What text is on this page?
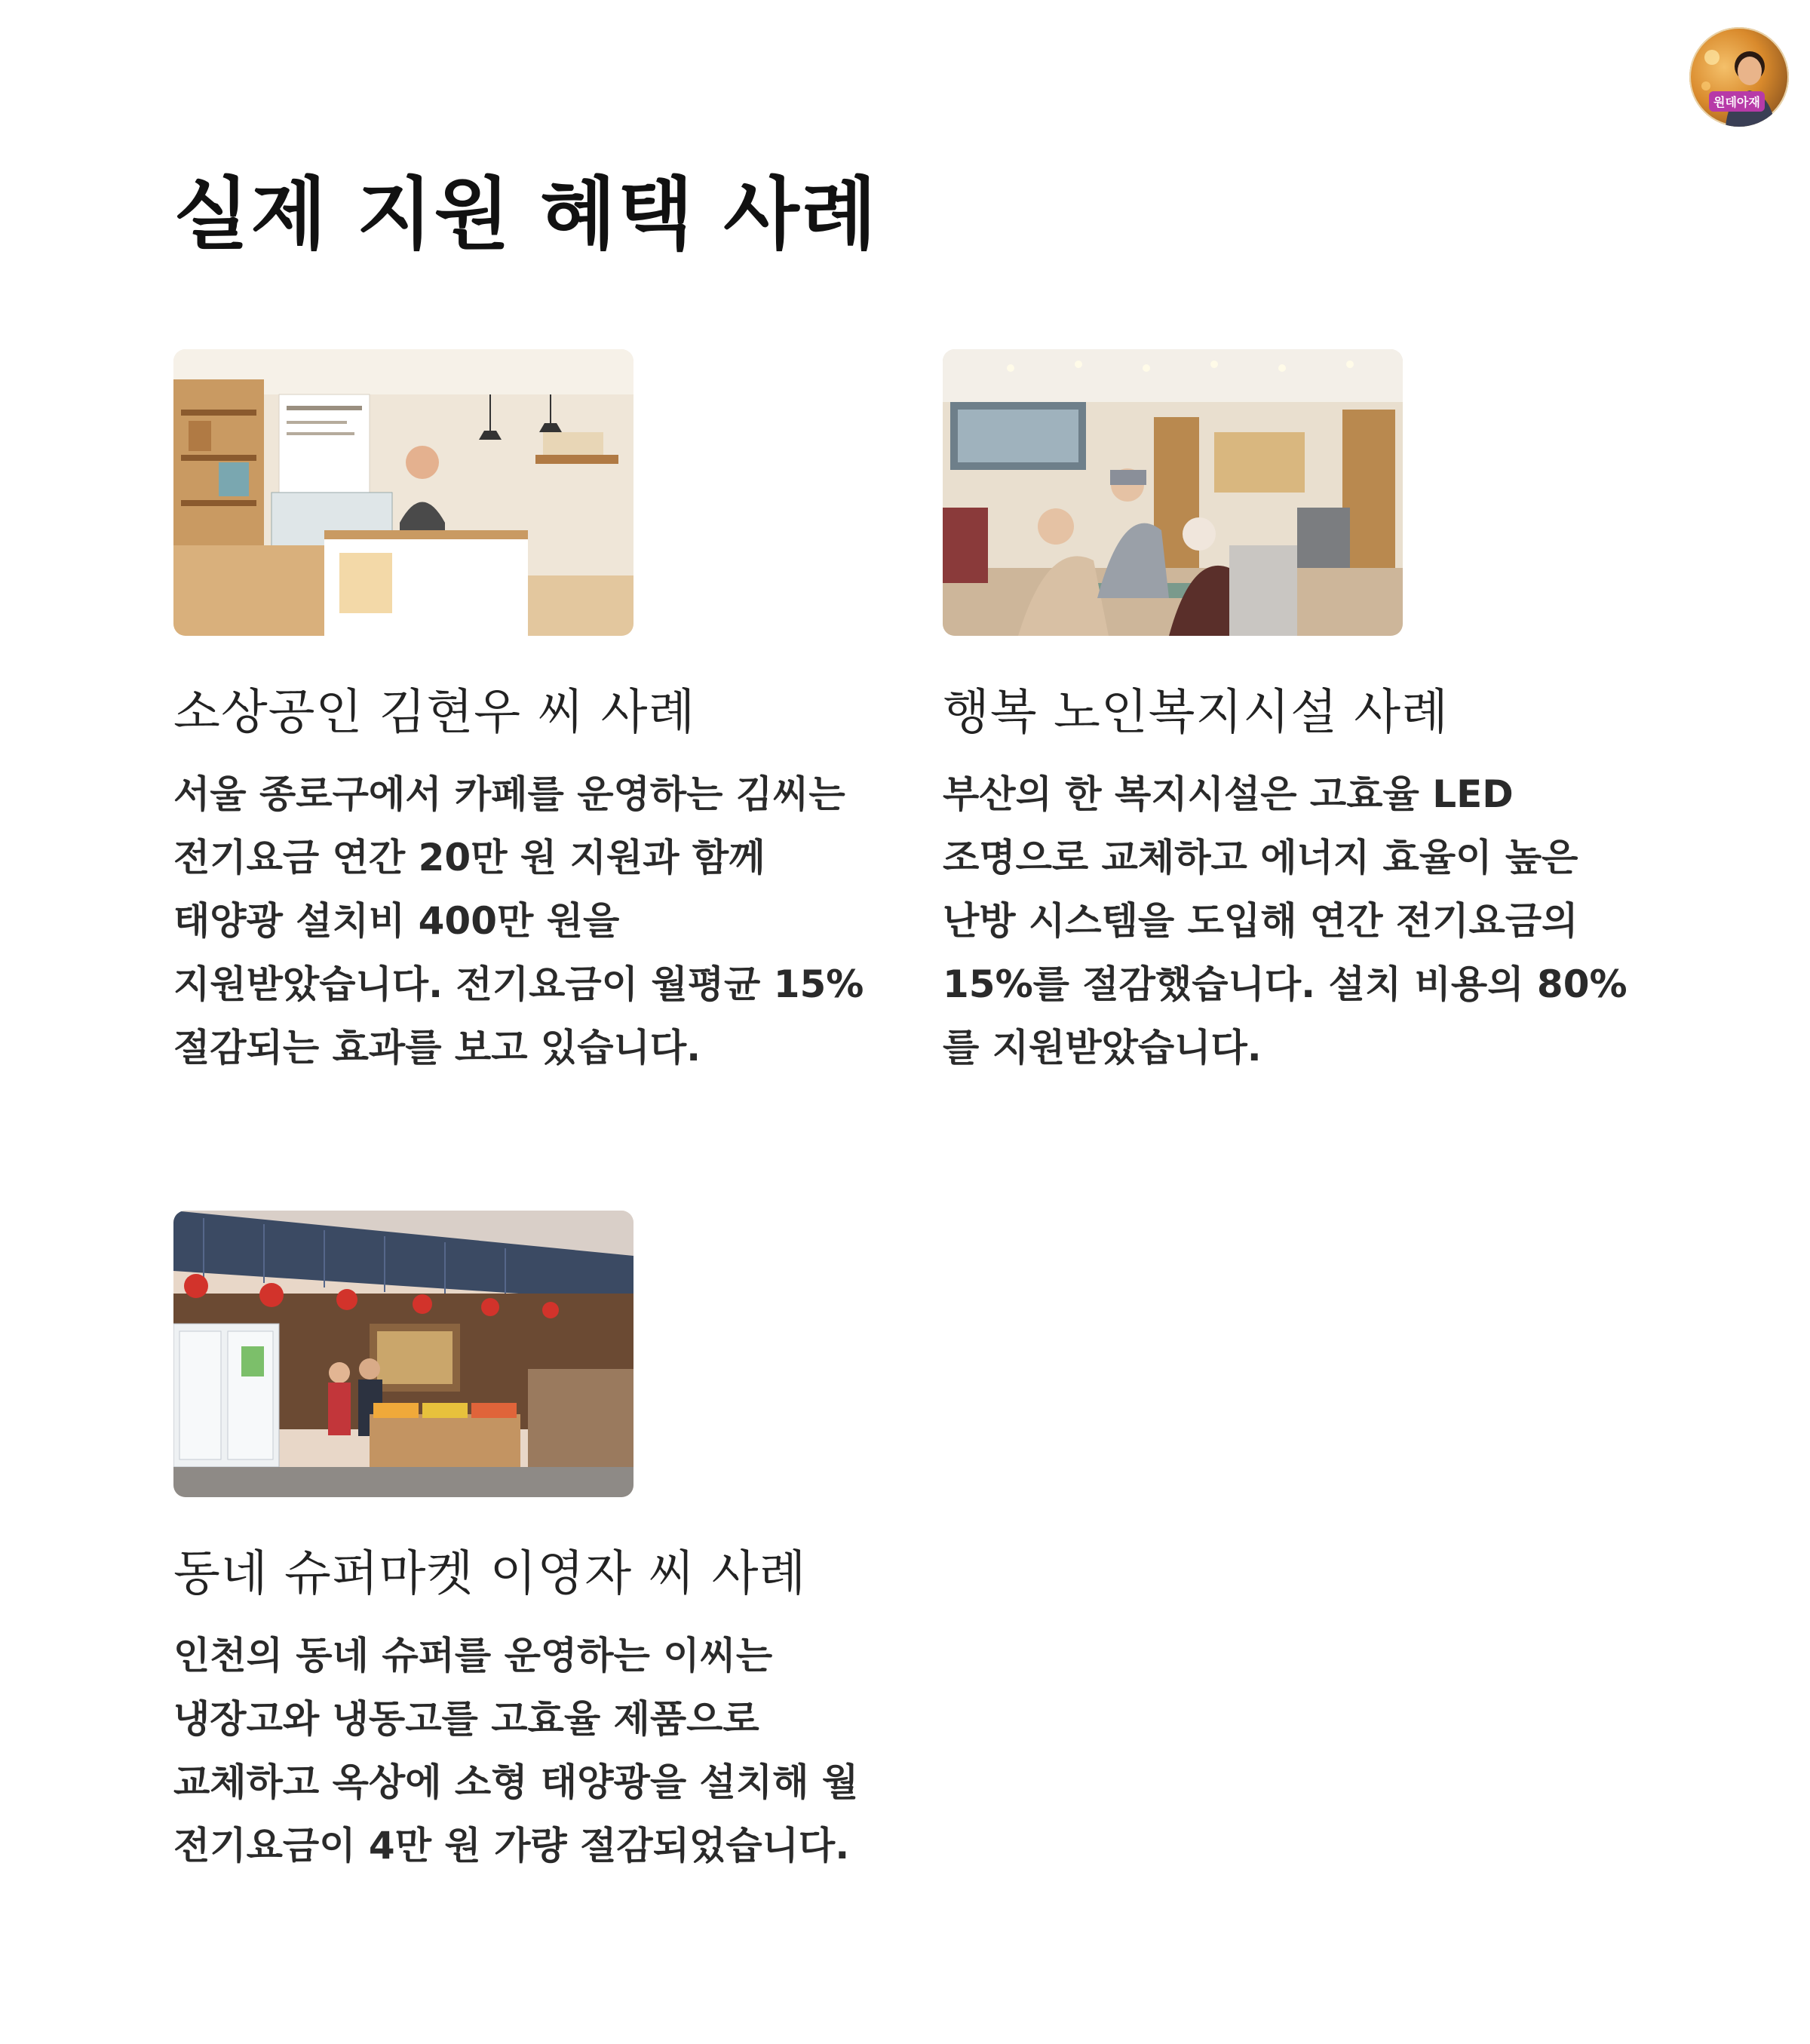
원데아재
실제 지원 혜택 사례
소상공인 김현우 씨 사례

서울 종로구에서 카페를 운영하는 김씨는 전기요금 연간 20만 원 지원과 함께 태양광 설치비 400만 원을 지원받았습니다. 전기요금이 월평균 15% 절감되는 효과를 보고 있습니다.

행복 노인복지시설 사례

부산의 한 복지시설은 고효율 LED 조명으로 교체하고 에너지 효율이 높은 난방 시스템을 도입해 연간 전기요금의 15%를 절감했습니다. 설치 비용의 80%를 지원받았습니다.

동네 슈퍼마켓 이영자 씨 사례

인천의 동네 슈퍼를 운영하는 이씨는 냉장고와 냉동고를 고효율 제품으로 교체하고 옥상에 소형 태양광을 설치해 월 전기요금이 4만 원 가량 절감되었습니다.
